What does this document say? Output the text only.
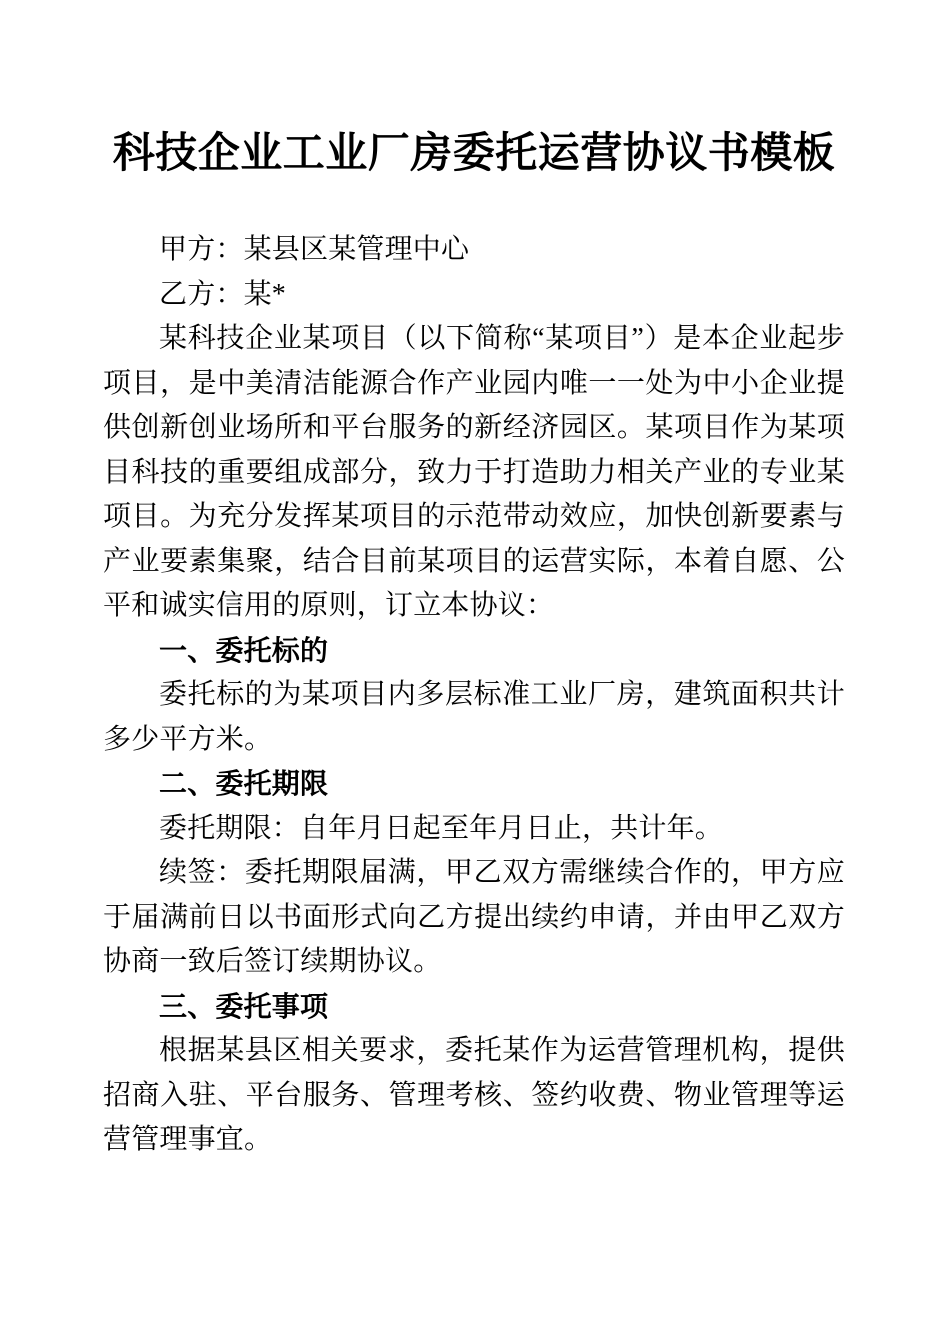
科技企业工业厂房委托运营协议书模板

甲方：某县区某管理中心

乙方：某*

某科技企业某项目（以下简称“某项目”）是本企业起步项目，是中美清洁能源合作产业园内唯一一处为中小企业提供创新创业场所和平台服务的新经济园区。某项目作为某项目科技的重要组成部分，致力于打造助力相关产业的专业某项目。为充分发挥某项目的示范带动效应，加快创新要素与产业要素集聚，结合目前某项目的运营实际，本着自愿、公平和诚实信用的原则，订立本协议：

一、委托标的

委托标的为某项目内多层标准工业厂房，建筑面积共计多少平方米。

二、委托期限

委托期限：自年月日起至年月日止，共计年。

续签：委托期限届满，甲乙双方需继续合作的，甲方应于届满前日以书面形式向乙方提出续约申请，并由甲乙双方协商一致后签订续期协议。

三、委托事项

根据某县区相关要求，委托某作为运营管理机构，提供招商入驻、平台服务、管理考核、签约收费、物业管理等运营管理事宜。
